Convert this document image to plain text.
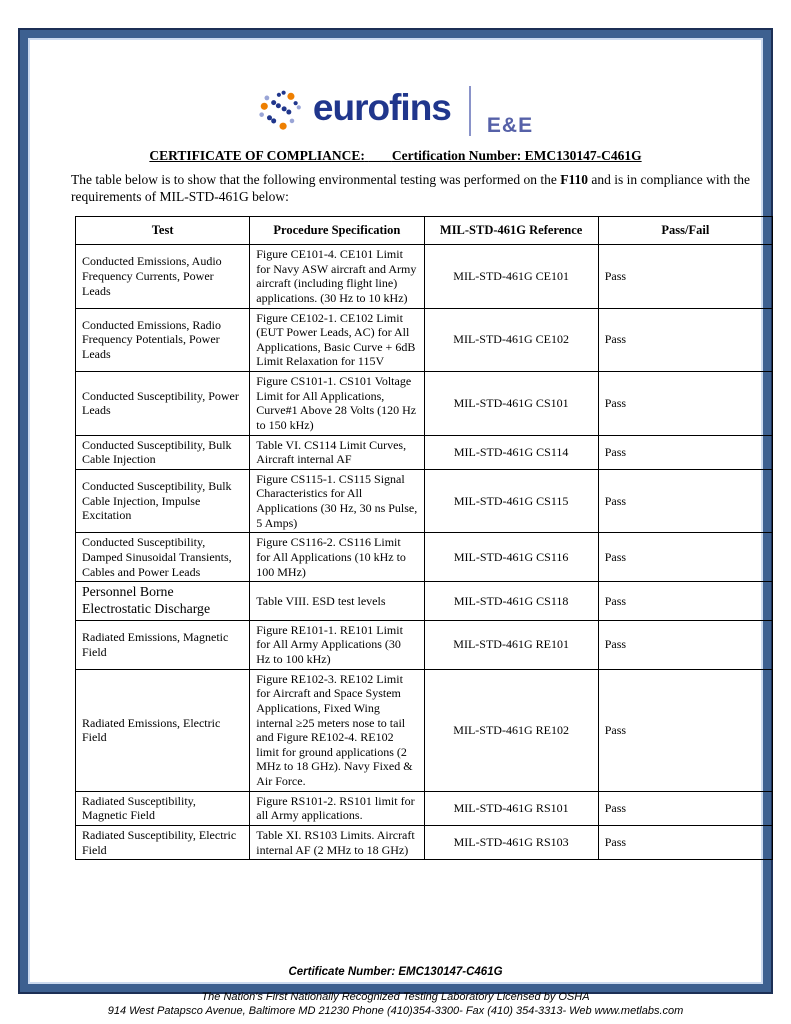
eurofins E&E
CERTIFICATE OF COMPLIANCE: Certification Number: EMC130147-C461G
The table below is to show that the following environmental testing was performed on the F110 and is in compliance with the requirements of MIL-STD-461G below:
Test	Procedure Specification	MIL-STD-461G Reference	Pass/Fail
Conducted Emissions, Audio Frequency Currents, Power Leads	Figure CE101-4. CE101 Limit for Navy ASW aircraft and Army aircraft (including flight line) applications. (30 Hz to 10 kHz)	MIL-STD-461G CE101	Pass
Conducted Emissions, Radio Frequency Potentials, Power Leads	Figure CE102-1. CE102 Limit (EUT Power Leads, AC) for All Applications, Basic Curve + 6dB Limit Relaxation for 115V	MIL-STD-461G CE102	Pass
Conducted Susceptibility, Power Leads	Figure CS101-1. CS101 Voltage Limit for All Applications, Curve#1 Above 28 Volts (120 Hz to 150 kHz)	MIL-STD-461G CS101	Pass
Conducted Susceptibility, Bulk Cable Injection	Table VI. CS114 Limit Curves, Aircraft internal AF	MIL-STD-461G CS114	Pass
Conducted Susceptibility, Bulk Cable Injection, Impulse Excitation	Figure CS115-1. CS115 Signal Characteristics for All Applications (30 Hz, 30 ns Pulse, 5 Amps)	MIL-STD-461G CS115	Pass
Conducted Susceptibility, Damped Sinusoidal Transients, Cables and Power Leads	Figure CS116-2. CS116 Limit for All Applications (10 kHz to 100 MHz)	MIL-STD-461G CS116	Pass
Personnel Borne Electrostatic Discharge	Table VIII. ESD test levels	MIL-STD-461G CS118	Pass
Radiated Emissions, Magnetic Field	Figure RE101-1. RE101 Limit for All Army Applications (30 Hz to 100 kHz)	MIL-STD-461G RE101	Pass
Radiated Emissions, Electric Field	Figure RE102-3. RE102 Limit for Aircraft and Space System Applications, Fixed Wing internal ≥25 meters nose to tail and Figure RE102-4. RE102 limit for ground applications (2 MHz to 18 GHz). Navy Fixed & Air Force.	MIL-STD-461G RE102	Pass
Radiated Susceptibility, Magnetic Field	Figure RS101-2. RS101 limit for all Army applications.	MIL-STD-461G RS101	Pass
Radiated Susceptibility, Electric Field	Table XI. RS103 Limits. Aircraft internal AF (2 MHz to 18 GHz)	MIL-STD-461G RS103	Pass
Certificate Number: EMC130147-C461G
The Nation's First Nationally Recognized Testing Laboratory Licensed by OSHA
914 West Patapsco Avenue, Baltimore MD 21230 Phone (410)354-3300- Fax (410) 354-3313- Web www.metlabs.com
